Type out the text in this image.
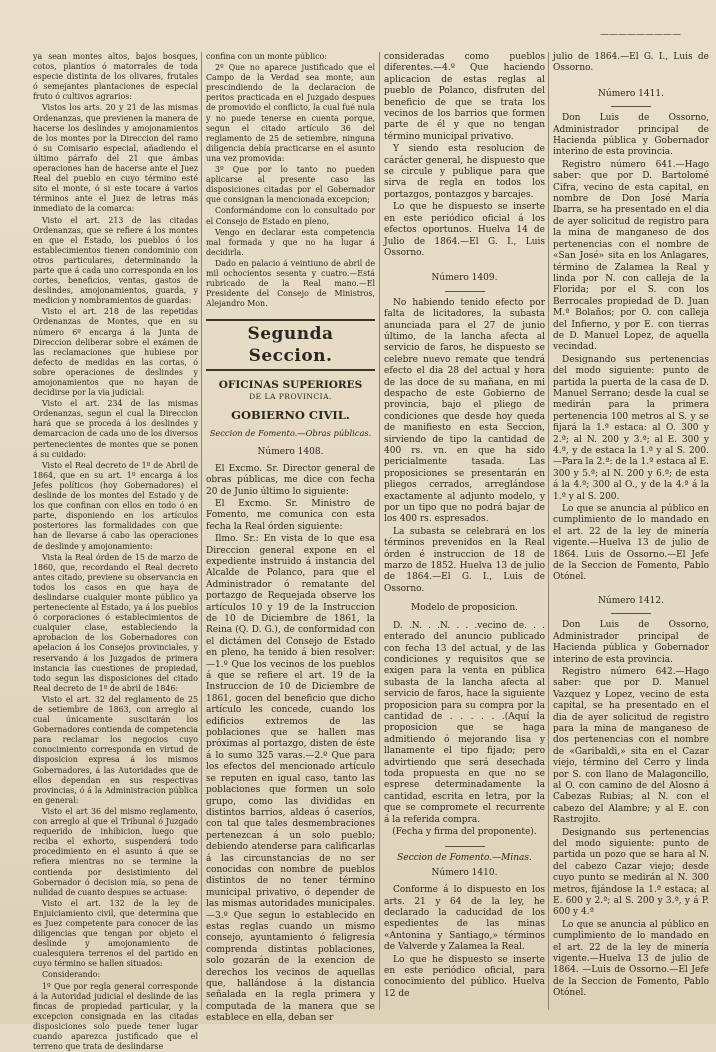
ya sean montes altos, bajos bosques, cotos, plantíos ó matorrales de toda especie distinta de los olivares, frutales ó semejantes plantaciones de especial fruto ó cultivos agrarios:

Vistos los arts. 20 y 21 de las mismas Ordenanzas, que previenen la manera de hacerse los deslindes y amojonamientos de los montes por la Direccion del ramo ó su Comisario especial, añadiendo el último párrafo del 21 que ámbas operaciones han de hacerse ante el Juez Real del pueblo en cuyo término esté sito el monte, ó si este tocare á varios términos ante el Juez de letras más inmediato de la comarca:

Visto el art. 213 de las citadas Ordenanzas, que se refiere á los montes en que el Estado, los pueblos ó los establecimientos tienen condominio con otros particulares, determinando la parte que á cada uno corresponda en los cortes, beneficios, ventas, gastos de deslindes, amojonamientos, guarda, y medicion y nombramientos de guardas:

Visto el art. 218 de las repetidas Ordenanzas de Montes, que en su número 6º encarga á la Junta de Direccion deliberar sobre el exámen de las reclamaciones que hubiese por defecto de medidas en las cortas, ó sobre operaciones de deslindes y amojonamientos que no hayan de decidirse por la via judicial:

Visto el art. 234 de las mismas Ordenanzas, segun el cual la Direccion hará que se proceda á los deslindes y demarcacion de cada uno de los diversos pertenecientes de montes que se ponen á su cuidado:

Visto el Real decreto de 1º de Abril de 1864, que en su art. 1º encarga á los Jefes políticos (hoy Gobernadores) el deslinde de los montes del Estado y de los que confinan con ellos en todo ó en parte, disponiendo en los artículos posteriores las formalidades con que han de llevarse á cabo las operaciones de deslinde y amojonamiento:

Vista la Real órden de 15 de marzo de 1860, que, recordando el Real decreto antes citado, previene su observancia en todos los casos en que haya de deslindarse cualquier monte público ya perteneciente al Estado, ya á los pueblos ó corporaciones ó establecimientos de cualquier clase, estableciendo la aprobacion de los Gobernadores con apelacion á los Consejos provinciales, y reservando á los Juzgados de primera instancia las cuestiones de propiedad, todo segun las disposiciones del citado Real decreto de 1º de abril de 1846:

Visto el art. 32 del reglamento de 25 de setiembre de 1863, con arreglo al cual únicamente suscitarán los Gobernadores contienda de competencia para reclamar los negocios cuyo conocimiento corresponda en virtud de disposicion expresa á los mismos Gobernadores, á las Autoridades que de ellos dependan en sus respectivas provincias, ó á la Administracion pública en general:

Visto el art 36 del mismo reglamento, con arreglo al que el Tribunal ó Juzgado requerido de inhibicion, luego que reciba el exhorto, suspenderá todo procedimiento en el asunto á que se refiera mientras no se termine la contienda por desistimiento del Gobernador ó decision mía, so pena de nulidad de cuanto despues se actuase:

Visto el art. 132 de la ley de Enjuiciamiento civil, que determina que es Juez competente para conocer de las diligencias que tengan por objeto el deslinde y amojonamiento de cualesquiera terrenos el del partido en cuyo término se hallen situados:

Considerando:

1º Que por regla general corresponde á la Autoridad judicial el deslinde de las fincas de propiedad particular, y la excepcion consignada en las citadas disposiciones solo puede tener lugar cuando aparezca justificado que el terreno que trata de deslindarse

confina con un monte público:

2º Que no aparece justificado que el Campo de la Verdad sea monte, aun prescindiendo de la declaracion de peritos practicada en el Juzgado despues de promovido el conflicto, la cual fué nula y no puede tenerse en cuenta porque, segun el citado artículo 36 del reglamento de 25 de setiembre, ninguna diligencia debía practicarse en el asunto una vez promovida:

3º Que por lo tanto no pueden aplicarse al presente caso las disposiciones citadas por el Gobernador que consignan la mencionada excepcion;

Conformándome con lo consultado por el Consejo de Estado en pleno,

Vengo en declarar esta competencia mal formada y que no ha lugar á decidirla.

Dado en palacio á veintiuno de abril de mil ochocientos sesenta y cuatro.—Está rubricado de la Real mano.—El Presidente del Consejo de Ministros, Alejandro Mon.

Segunda Seccion.
OFICINAS SUPERIORES
DE LA PROVINCIA.
GOBIERNO CIVIL.

Seccion de Fomento.—Obras públicas.

Número 1408.

El Excmo. Sr. Director general de obras públicas, me dice con fecha 20 de Junio último lo siguiente:

El Excmo. Sr. Ministro de Fomento, me comunica con esta fecha la Real órden siguiente:

Ilmo. Sr.: En vista de lo que esa Direccion general expone en el expediente instruido á instancia del Alcalde de Polanco, para que el Administrador ó rematante del portazgo de Requejada observe los artículos 10 y 19 de la Instruccion de 10 de Diciembre de 1861, la Reina (Q. D. G.), de conformidad con el dictámen del Consejo de Estado en pleno, ha tenido á bien resolver:—1.º Que los vecinos de los pueblos á que se refiere el art. 19 de la Instruccion de 10 de Diciembre de 1861, gocen del beneficio que dicho artículo les concede, cuando los edificios extremos de las poblaciones que se hallen mas próximas al portazgo, disten de éste á lo sumo 325 varas.—2.º Que para los efectos del mencionado artículo se reputen en igual caso, tanto las poblaciones que formen un solo grupo, como las divididas en distintos barrios, aldeas ó caseríos, con tal que tales desmembraciones pertenezcan á un solo pueblo; debiendo atenderse para calificarlas á las circunstancias de no ser conocidas con nombre de pueblos distintos de no tener término municipal privativo, ó depender de las mismas autoridades municipales.—3.º Que segun lo establecido en estas reglas cuando un mismo consejo, ayuntamiento ó feligresía comprenda distintas poblaciones, solo gozarán de la exencion de derechos los vecinos de aquellas que, hallándose á la distancia señalada en la regla primera y computada de la manera que se establece en ella, deban ser

consideradas como pueblos diferentes.—4.º Que haciendo aplicacion de estas reglas al pueblo de Polanco, disfruten del beneficio de que se trata los vecinos de los barrios que formen parte de él y que no tengan término municipal privativo.

Y siendo esta resolucion de carácter general, he dispuesto que se circule y publique para que sirva de regla en todos los portazgos, pontazgos y barcajes.

Lo que he dispuesto se inserte en este periódico oficial á los efectos oportunos. Huelva 14 de Julio de 1864.—El G. I., Luis Ossorno.

Número 1409.

No habiendo tenido efecto por falta de licitadores, la subasta anunciada para el 27 de junio último, de la lancha afecta al servicio de faros, he dispuesto se celebre nuevo remate que tendrá efecto el dia 28 del actual y hora de las doce de su mañana, en mi despacho de este Gobierno de provincia, bajo el pliego de condiciones que desde hoy queda de manifiesto en esta Seccion, sirviendo de tipo la cantidad de 400 rs. vn. en que ha sido pericialmente tasada. Las proposiciones se presentarán en pliegos cerrados, arreglándose exactamente al adjunto modelo, y por un tipo que no podrá bajar de los 400 rs. espresados.

La subasta se celebrará en los términos prevenidos en la Real órden é instruccion de 18 de marzo de 1852. Huelva 13 de julio de 1864.—El G. I., Luis de Ossorno.

Modelo de proposicion.

D. .N. . .N. . . .vecino de. . . enterado del anuncio publicado con fecha 13 del actual, y de las condiciones y requisitos que se exigen para la venta en pública subasta de la lancha afecta al servicio de faros, hace la siguiente proposicion para su compra por la cantidad de . . . . . .(Aquí la proposicion que se haga admitiendo ó mejorando lisa y llanamente el tipo fijado; pero advirtiendo que será desechada toda propuesta en que no se esprese determinadamente la cantidad, escrita en letra, por la que se compromete el recurrente á la referida compra.

(Fecha y firma del proponente).

Seccion de Fomento.—Minas.

Número 1410.

Conforme á lo dispuesto en los arts. 21 y 64 de la ley, he declarado la caducidad de los espedientes de las minas «Antonina y Santiago,» términos de Valverde y Zalamea la Real.

Lo que he dispuesto se inserte en este periódico oficial, para conocimiento del público. Huelva 12 de

julio de 1864.—El G. I., Luis de Ossorno.

Número 1411.

Don Luis de Ossorno, Administrador principal de Hacienda pública y Gobernador interino de esta provincia.

Registro número 641.—Hago saber: que por D. Bartolomé Cifra, vecino de esta capital, en nombre de Don José María Ibarra, se ha presentado en el dia de ayer solicitud de registro para la mina de manganeso de dos pertenencias con el nombre de «San José» sita en los Anlagares, término de Zalamea la Real y linda por N. con calleja de la Florida; por el S. con los Berrocales propiedad de D. Juan M.ª Bolaños; por O. con calleja del Infierno, y por E. con tierras de D. Manuel Lopez, de aquella vecindad.

Designando sus pertenencias del modo siguiente: punto de partida la puerta de la casa de D. Manuel Serrano; desde la cual se medirán para la primera pertenencia 100 metros al S. y se fijará la 1.ª estaca: al O. 300 y 2.ª; al N. 200 y 3.ª; al E. 300 y 4.ª, y de estaca la 1.ª y al S. 200.—Para la 2.ª: de la 1.ª estaca al E. 300 y 5.ª; al N. 200 y 6.ª; de esta á la 4.ª; 300 al O., y de la 4.ª á la 1.ª y al S. 200.

Lo que se anuncia al público en cumplimiento de lo mandado en el art. 22 de la ley de minería vigente.—Huelva 13 de julio de 1864. Luis de Ossorno.—El Jefe de la Seccion de Fomento, Pablo Otónel.

Número 1412.

Don Luis de Ossorno, Administrador principal de Hacienda pública y Gobernador interino de esta provincia.

Registro número 642.—Hago saber: que por D. Manuel Vazquez y Lopez, vecino de esta capital, se ha presentado en el dia de ayer solicitud de registro para la mina de manganeso de dos pertenencias con el nombre de «Garibaldi,» sita en el Cazar viejo, término del Cerro y linda por S. con llano de Malagoncillo, al O. con camino de del Alosno á Cabezas Rubias; al N. con el cabezo del Alambre; y al E. con Rastrojito.

Designando sus pertenencias del modo siguiente: punto de partida un pozo que se hara al N. del cabezo Cazar viejo; desde cuyo punto se medirán al N. 300 metros, fijándose la 1.ª estaca; al E. 600 y 2.ª; al S. 200 y 3.ª, y á P. 600 y 4.ª

Lo que se anuncia al público en cumplimiento de lo mandado en el art. 22 de la ley de minería vigente.—Huelva 13 de julio de 1864. —Luis de Ossorno.—El Jefe de la Seccion de Fomento, Pablo Otónel.

—————————
